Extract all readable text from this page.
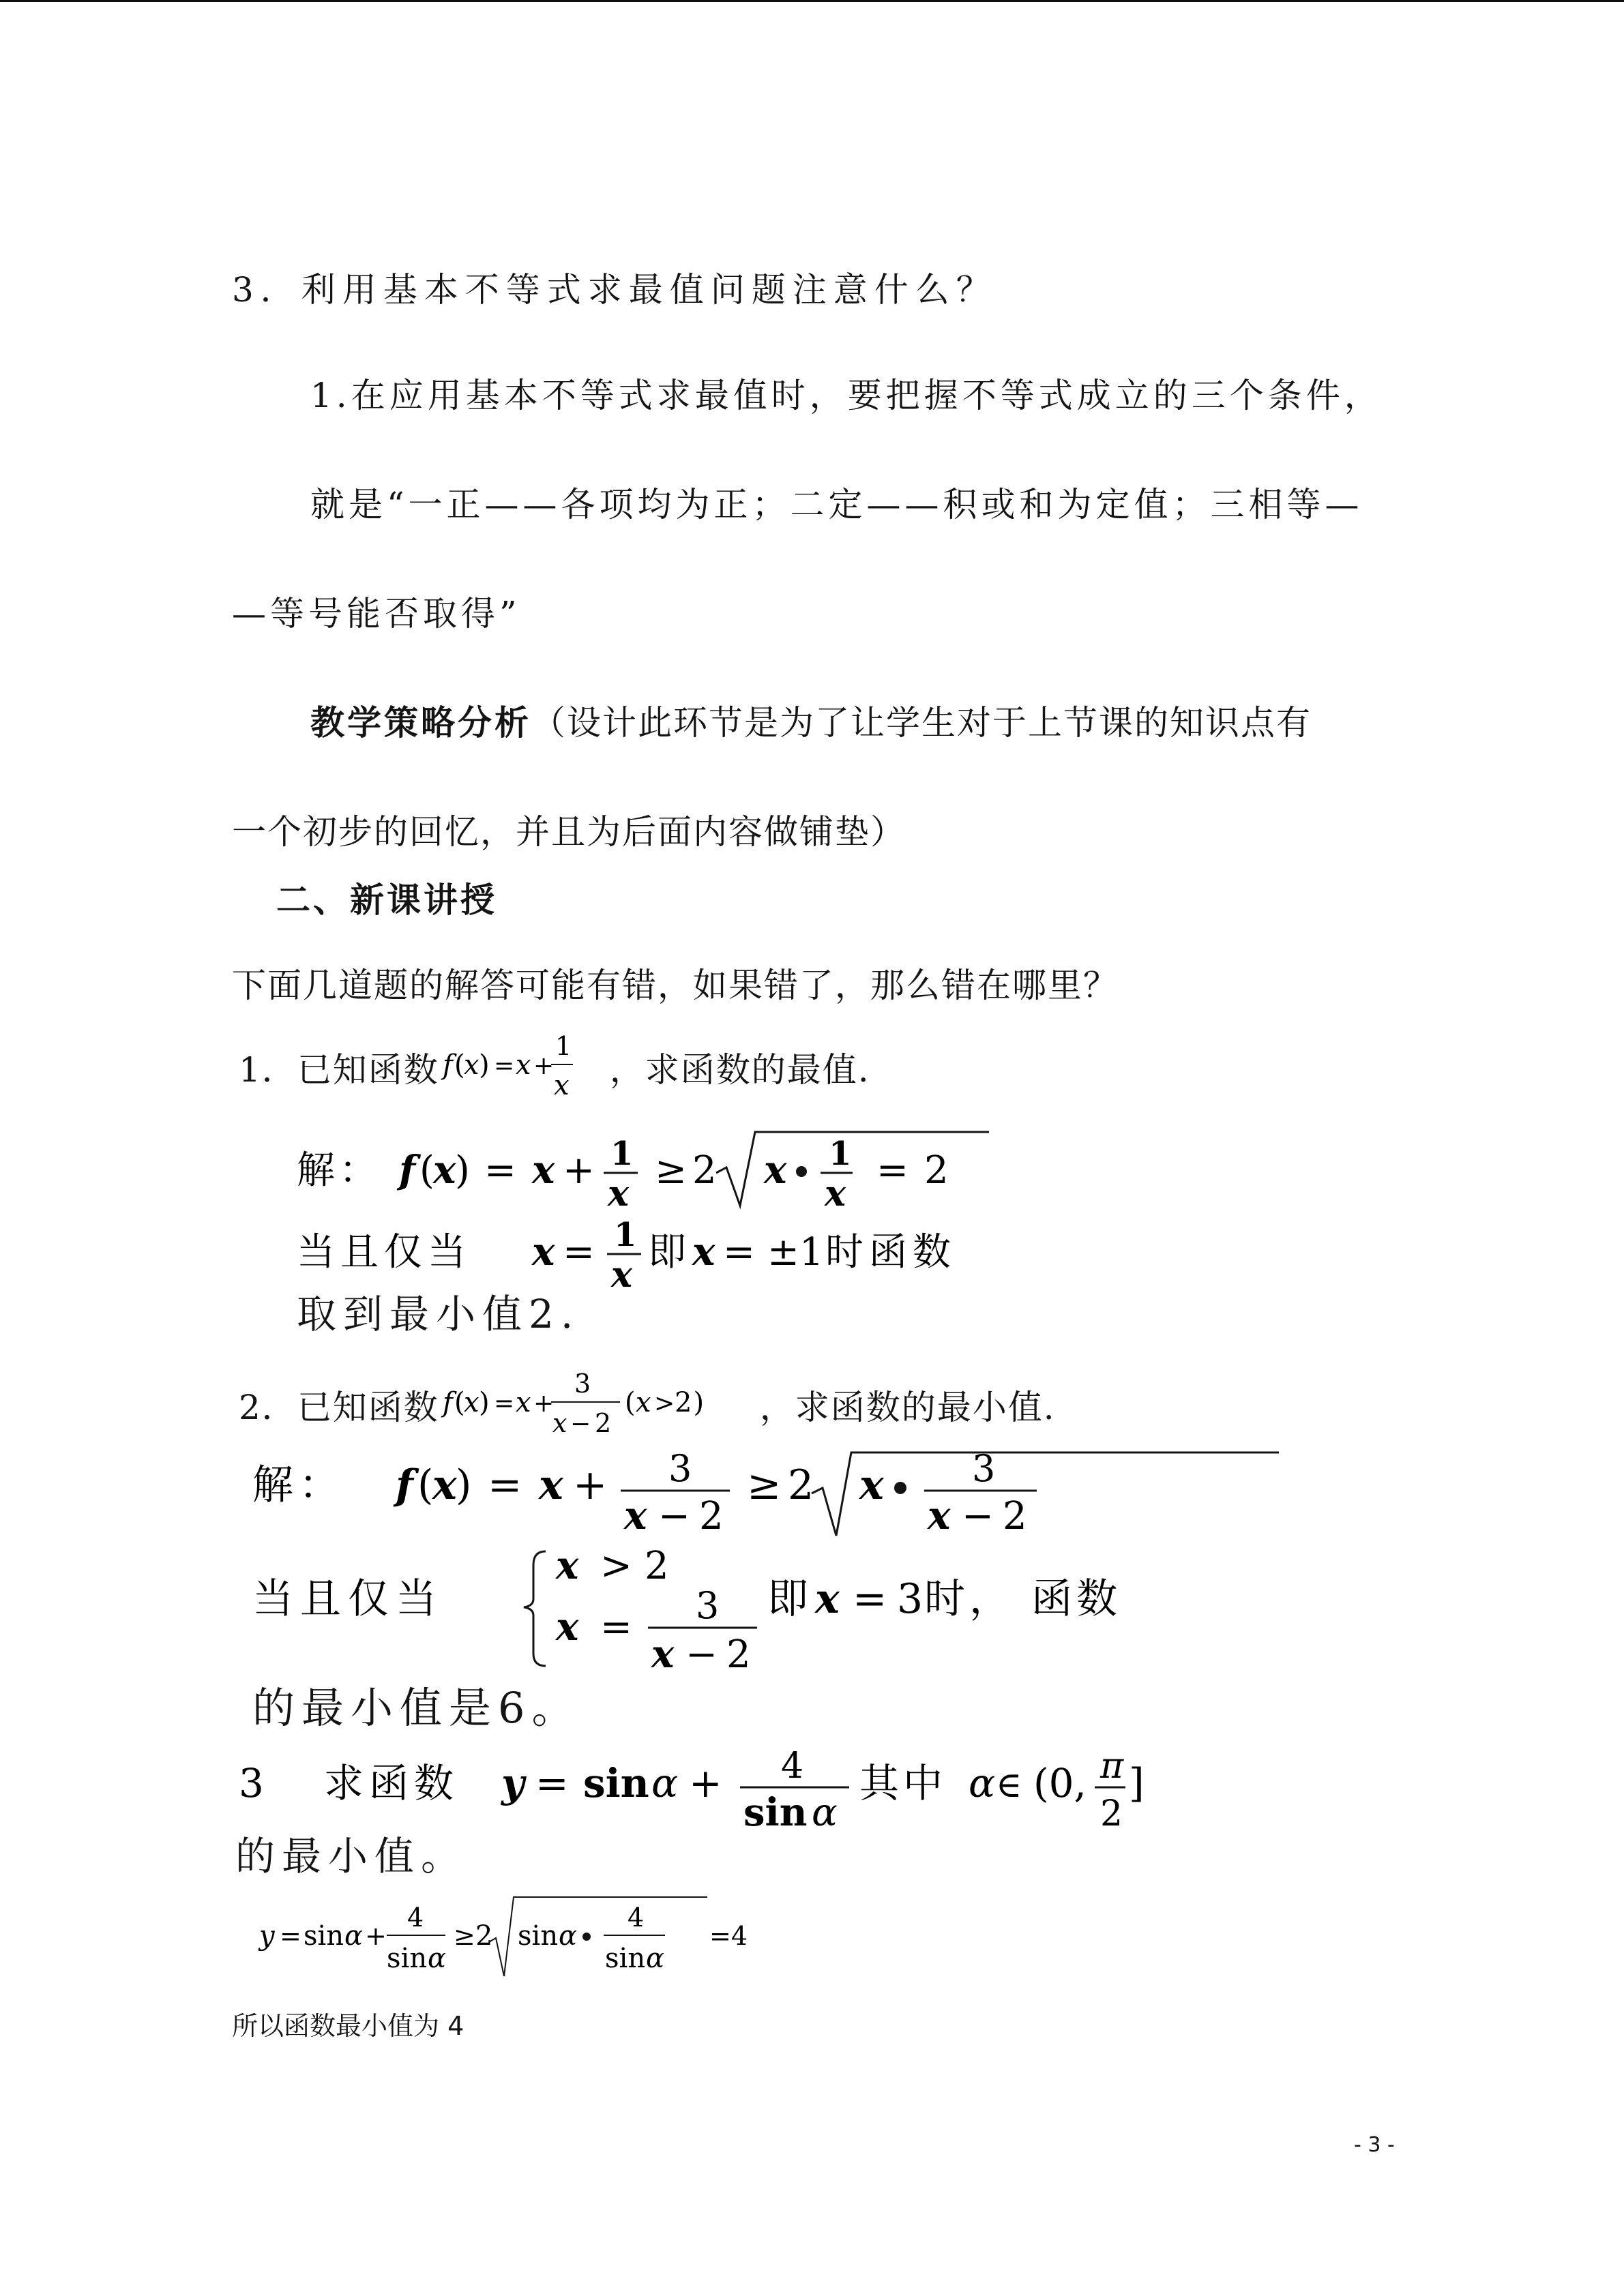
3．利用基本不等式求最值问题注意什么？
1.在应用基本不等式求最值时，要把握不等式成立的三个条件，
就是“一正——各项均为正；二定——积或和为定值；三相等—
—等号能否取得”
教学策略分析（设计此环节是为了让学生对于上节课的知识点有
一个初步的回忆，并且为后面内容做铺垫）
二、新课讲授
下面几道题的解答可能有错，如果错了，那么错在哪里？
1．已知函数 f (
x
) = x +
1
x ，求函数的最值.
解： f (
x
) = x + 1
x
≥ 2 x 1
x
= 2
当且仅当 x = 1
x
即 x = ±1 时函数
取到最小值2.
2．已知函数 f (
x
) = x +
3
x − 2
(
x >
2) ，求函数的最小值.
解： f (
x
) = x + 3
x − 2
≥ 2 x 3
x − 2
当且仅当
x > 2
x = 3
x − 2
即 x = 3 时， 函数
的最小值是6。
3 求函数 y = sin α + 4
sin α
其中 α ∈ (0, π
2
]
的最小值。
y = sin α +
4
sin α
≥ 2 sin α
4
sin α
=4
所以函数最小值为 4
- 3 -
